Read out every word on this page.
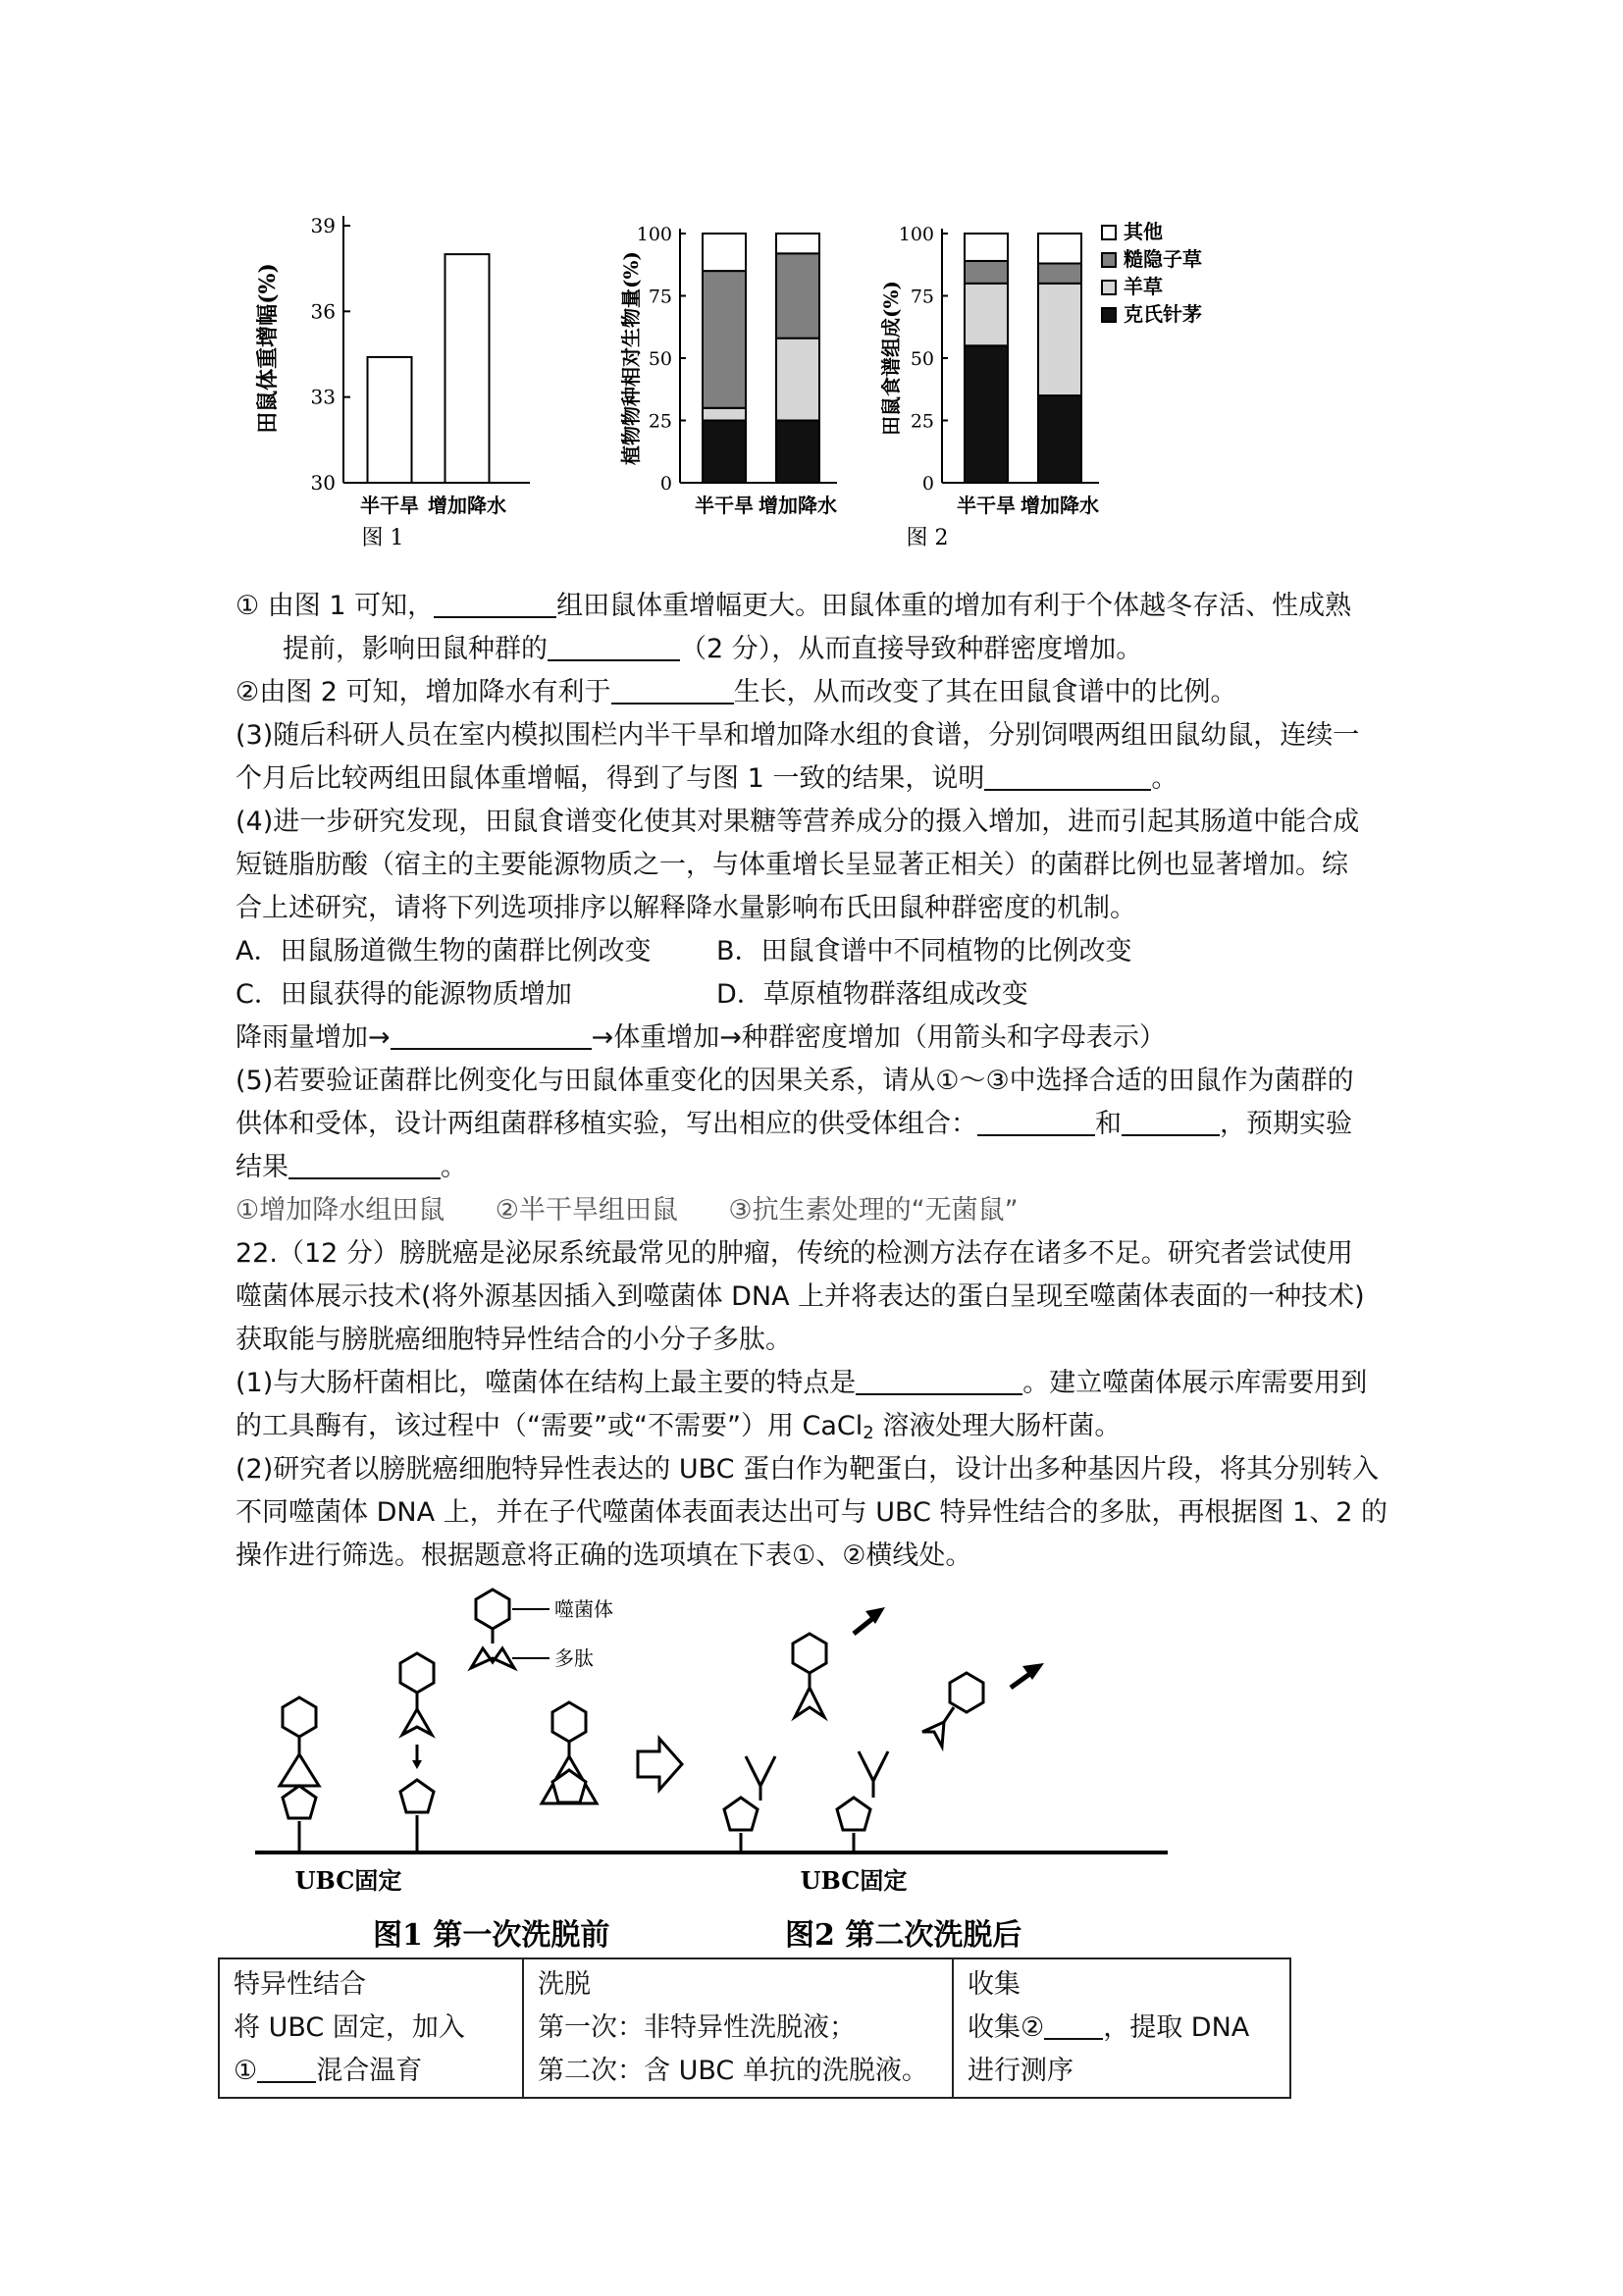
田鼠体重增幅(%)
30
33
36
39
半干旱 增加降水
图 1
植物物种相对生物量(%)
0
25
50
75
100
半干旱 增加降水
田鼠食谱组成(%)
0
25
50
75
100
半干旱 增加降水
其他
糙隐子草
羊草
克氏针茅
图 2

① 由图 1 可知，	组田鼠体重增幅更大。田鼠体重的增加有利于个体越冬存活、性成熟

提前，影响田鼠种群的	（2 分），从而直接导致种群密度增加。

②由图 2 可知，增加降水有利于	生长，从而改变了其在田鼠食谱中的比例。

(3)随后科研人员在室内模拟围栏内半干旱和增加降水组的食谱，分别饲喂两组田鼠幼鼠，连续一

个月后比较两组田鼠体重增幅，得到了与图 1 一致的结果，说明	。

(4)进一步研究发现，田鼠食谱变化使其对果糖等营养成分的摄入增加，进而引起其肠道中能合成

短链脂肪酸（宿主的主要能源物质之一，与体重增长呈显著正相关）的菌群比例也显著增加。综

合上述研究，请将下列选项排序以解释降水量影响布氏田鼠种群密度的机制。

A．田鼠肠道微生物的菌群比例改变 B．田鼠食谱中不同植物的比例改变

C．田鼠获得的能源物质增加	D．草原植物群落组成改变

降雨量增加→	→体重增加→种群密度增加（用箭头和字母表示）

(5)若要验证菌群比例变化与田鼠体重变化的因果关系，请从①～③中选择合适的田鼠作为菌群的

供体和受体，设计两组菌群移植实验，写出相应的供受体组合：	和	，预期实验

结果	。

①增加降水组田鼠      ②半干旱组田鼠      ③抗生素处理的“无菌鼠”

22.（12 分）膀胱癌是泌尿系统最常见的肿瘤，传统的检测方法存在诸多不足。研究者尝试使用

噬菌体展示技术(将外源基因插入到噬菌体 DNA 上并将表达的蛋白呈现至噬菌体表面的一种技术)

获取能与膀胱癌细胞特异性结合的小分子多肽。

(1)与大肠杆菌相比，噬菌体在结构上最主要的特点是	。建立噬菌体展示库需要用到

的工具酶有，该过程中（“需要”或“不需要”）用 CaCl$_2$ 溶液处理大肠杆菌。

(2)研究者以膀胱癌细胞特异性表达的 UBC 蛋白作为靶蛋白，设计出多种基因片段，将其分别转入

不同噬菌体 DNA 上，并在子代噬菌体表面表达出可与 UBC 特异性结合的多肽，再根据图 1、2 的

操作进行筛选。根据题意将正确的选项填在下表①、②横线处。

噬菌体
多肽
UBC固定	UBC固定
图1 第一次洗脱前	图2 第二次洗脱后
特异性结合
将 UBC 固定，加入
① 混合温育

洗脱
第一次：非特异性洗脱液；
第二次：含 UBC 单抗的洗脱液。

收集
收集② ，提取 DNA
进行测序
